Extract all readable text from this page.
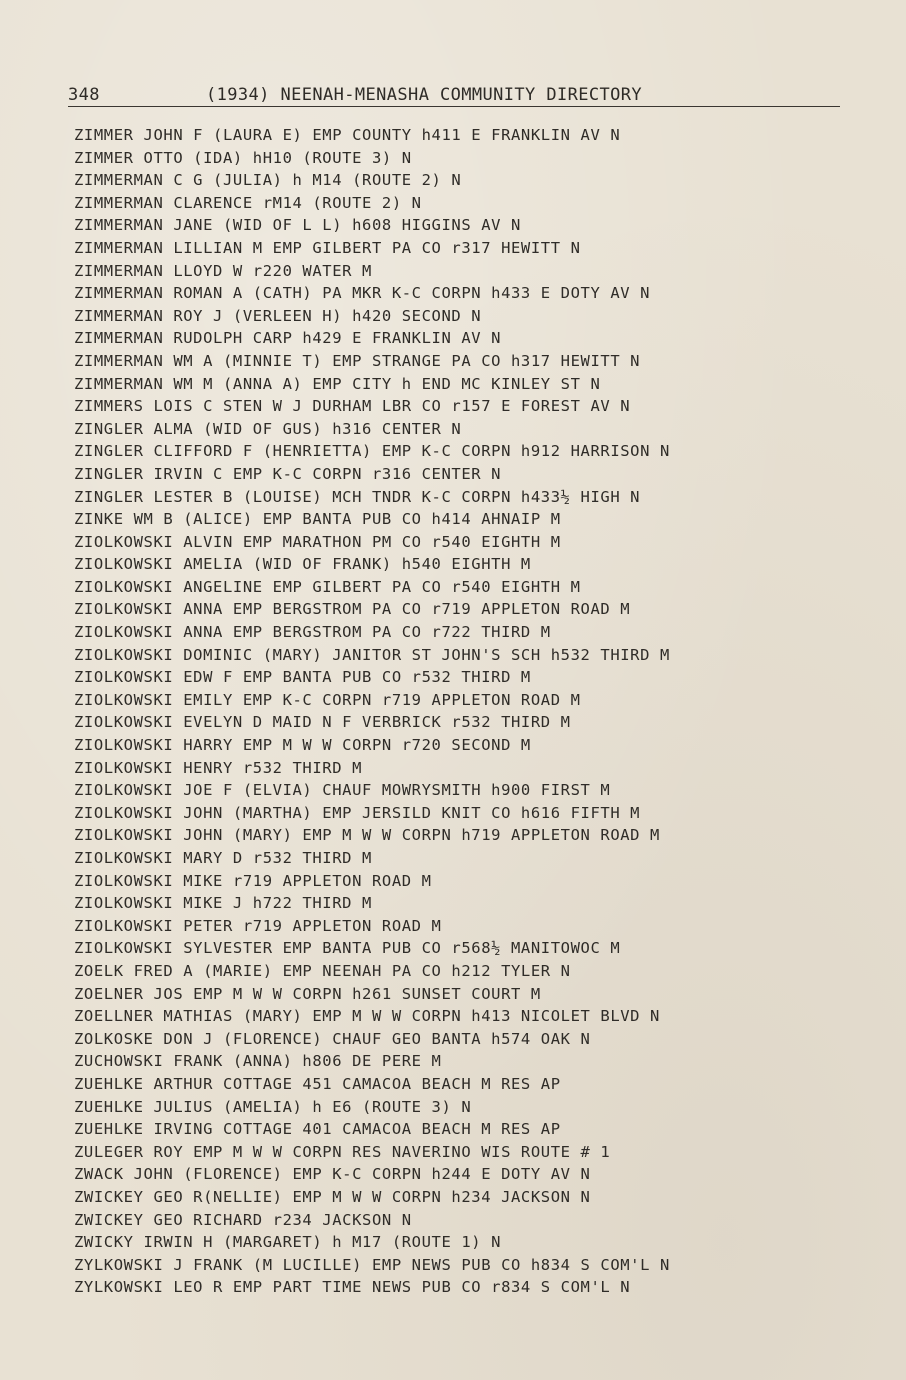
348	(1934) NEENAH-MENASHA COMMUNITY DIRECTORY
ZIMMER JOHN F (LAURA E) EMP COUNTY h411 E FRANKLIN AV N
ZIMMER OTTO (IDA) hH10 (ROUTE 3) N
ZIMMERMAN C G (JULIA) h M14 (ROUTE 2) N
ZIMMERMAN CLARENCE rM14 (ROUTE 2) N
ZIMMERMAN JANE (WID OF L L) h608 HIGGINS AV N
ZIMMERMAN LILLIAN M EMP GILBERT PA CO r317 HEWITT N
ZIMMERMAN LLOYD W r220 WATER M
ZIMMERMAN ROMAN A (CATH) PA MKR K-C CORPN h433 E DOTY AV N
ZIMMERMAN ROY J (VERLEEN H) h420 SECOND N
ZIMMERMAN RUDOLPH CARP h429 E FRANKLIN AV N
ZIMMERMAN WM A (MINNIE T) EMP STRANGE PA CO h317 HEWITT N
ZIMMERMAN WM M (ANNA A) EMP CITY h END MC KINLEY ST N
ZIMMERS LOIS C STEN W J DURHAM LBR CO r157 E FOREST AV N
ZINGLER ALMA (WID OF GUS) h316 CENTER N
ZINGLER CLIFFORD F (HENRIETTA) EMP K-C CORPN h912 HARRISON N
ZINGLER IRVIN C EMP K-C CORPN r316 CENTER N
ZINGLER LESTER B (LOUISE) MCH TNDR K-C CORPN h433½ HIGH N
ZINKE WM B (ALICE) EMP BANTA PUB CO h414 AHNAIP M
ZIOLKOWSKI ALVIN EMP MARATHON PM CO r540 EIGHTH M
ZIOLKOWSKI AMELIA (WID OF FRANK) h540 EIGHTH M
ZIOLKOWSKI ANGELINE EMP GILBERT PA CO r540 EIGHTH M
ZIOLKOWSKI ANNA EMP BERGSTROM PA CO r719 APPLETON ROAD M
ZIOLKOWSKI ANNA EMP BERGSTROM PA CO r722 THIRD M
ZIOLKOWSKI DOMINIC (MARY) JANITOR ST JOHN'S SCH h532 THIRD M
ZIOLKOWSKI EDW F EMP BANTA PUB CO r532 THIRD M
ZIOLKOWSKI EMILY EMP K-C CORPN r719 APPLETON ROAD M
ZIOLKOWSKI EVELYN D MAID N F VERBRICK r532 THIRD M
ZIOLKOWSKI HARRY EMP M W W CORPN r720 SECOND M
ZIOLKOWSKI HENRY r532 THIRD M
ZIOLKOWSKI JOE F (ELVIA) CHAUF MOWRYSMITH h900 FIRST M
ZIOLKOWSKI JOHN (MARTHA) EMP JERSILD KNIT CO h616 FIFTH M
ZIOLKOWSKI JOHN (MARY) EMP M W W CORPN h719 APPLETON ROAD M
ZIOLKOWSKI MARY D r532 THIRD M
ZIOLKOWSKI MIKE r719 APPLETON ROAD M
ZIOLKOWSKI MIKE J h722 THIRD M
ZIOLKOWSKI PETER r719 APPLETON ROAD M
ZIOLKOWSKI SYLVESTER EMP BANTA PUB CO r568½ MANITOWOC M
ZOELK FRED A (MARIE) EMP NEENAH PA CO h212 TYLER N
ZOELNER JOS EMP M W W CORPN h261 SUNSET COURT M
ZOELLNER MATHIAS (MARY) EMP M W W CORPN h413 NICOLET BLVD N
ZOLKOSKE DON J (FLORENCE) CHAUF GEO BANTA h574 OAK N
ZUCHOWSKI FRANK (ANNA) h806 DE PERE M
ZUEHLKE ARTHUR COTTAGE 451 CAMACOA BEACH M RES AP
ZUEHLKE JULIUS (AMELIA) h E6 (ROUTE 3) N
ZUEHLKE IRVING COTTAGE 401 CAMACOA BEACH M RES AP
ZULEGER ROY EMP M W W CORPN RES NAVERINO WIS ROUTE # 1
ZWACK JOHN (FLORENCE) EMP K-C CORPN h244 E DOTY AV N
ZWICKEY GEO R(NELLIE) EMP M W W CORPN h234 JACKSON N
ZWICKEY GEO RICHARD r234 JACKSON N
ZWICKY IRWIN H (MARGARET) h M17 (ROUTE 1) N
ZYLKOWSKI J FRANK (M LUCILLE) EMP NEWS PUB CO h834 S COM'L N
ZYLKOWSKI LEO R EMP PART TIME NEWS PUB CO r834 S COM'L N
